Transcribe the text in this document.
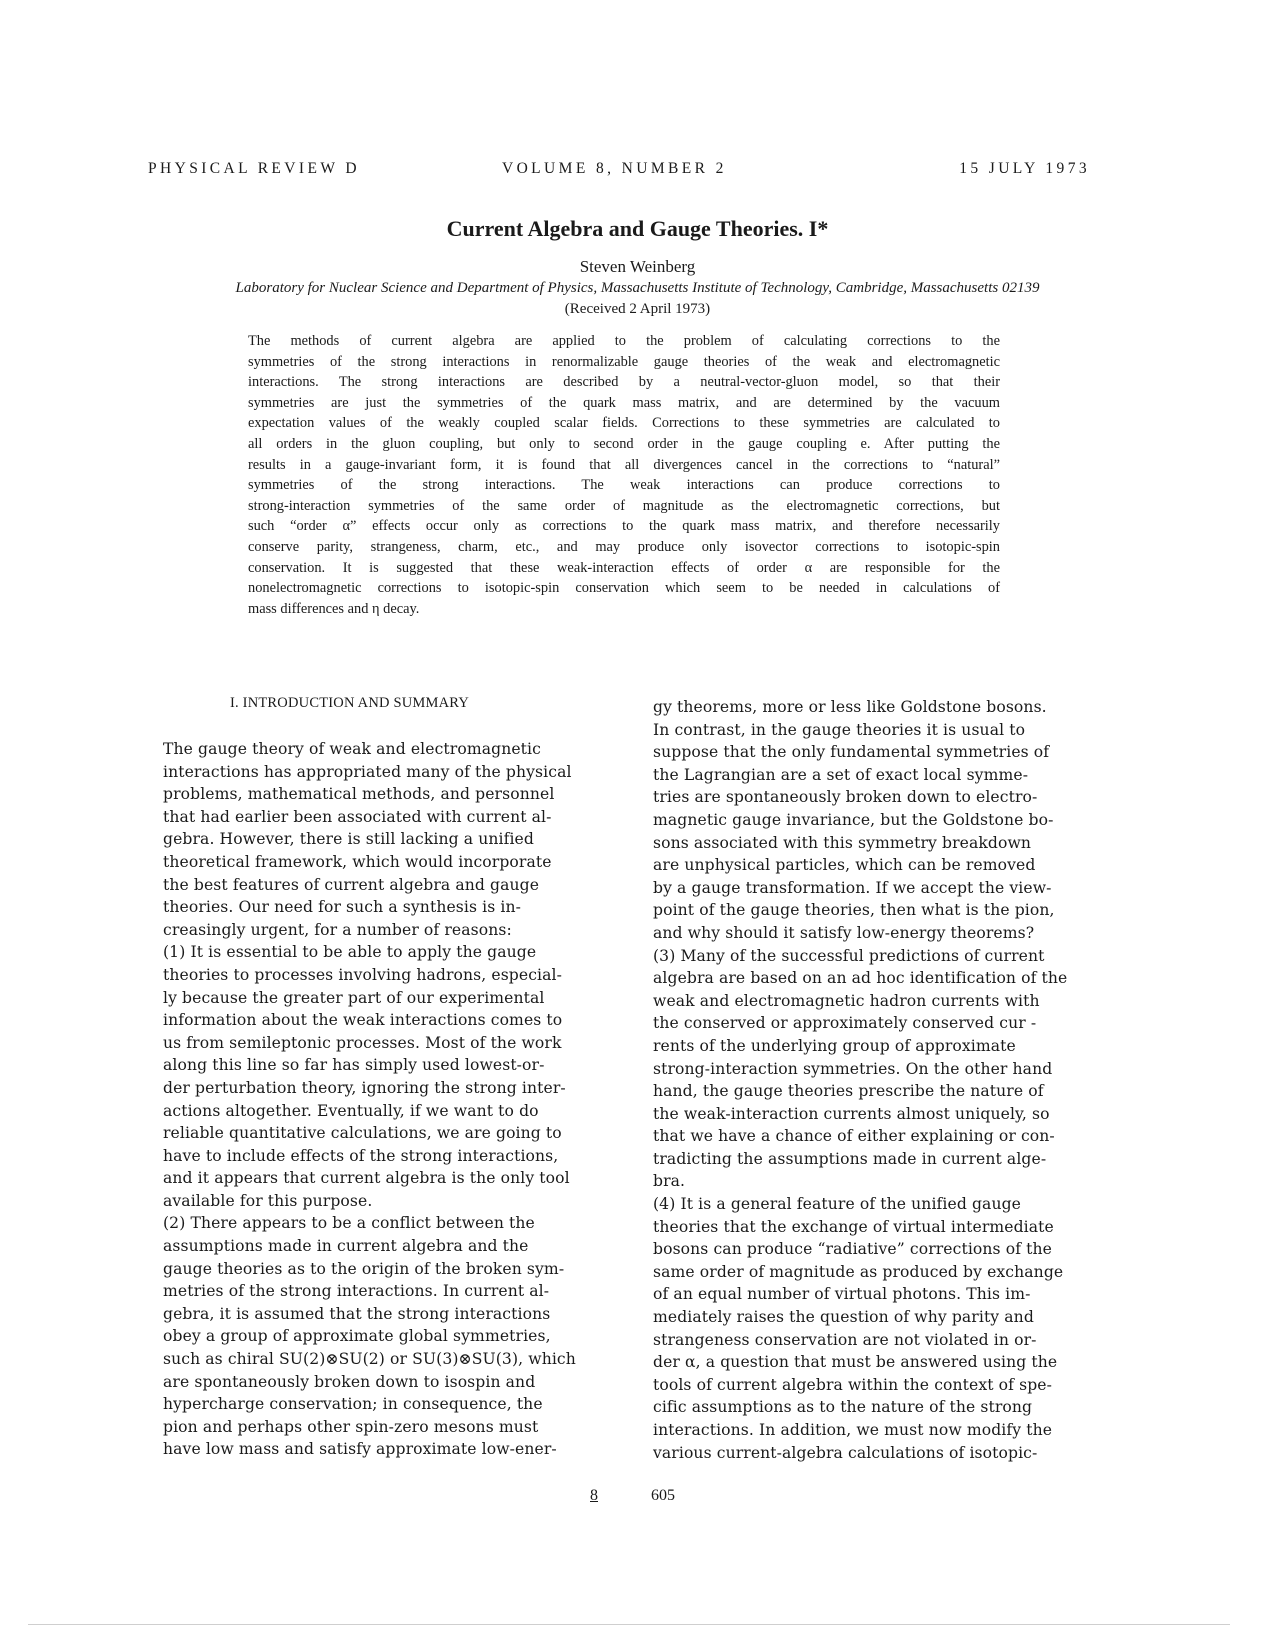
PHYSICAL REVIEW D	VOLUME 8, NUMBER 2	15 JULY 1973
Current Algebra and Gauge Theories. I*
Steven Weinberg
Laboratory for Nuclear Science and Department of Physics, Massachusetts Institute of Technology, Cambridge, Massachusetts 02139
(Received 2 April 1973)
The methods of current algebra are applied to the problem of calculating corrections to the
symmetries of the strong interactions in renormalizable gauge theories of the weak and electromagnetic
interactions. The strong interactions are described by a neutral-vector-gluon model, so that their
symmetries are just the symmetries of the quark mass matrix, and are determined by the vacuum
expectation values of the weakly coupled scalar fields. Corrections to these symmetries are calculated to
all orders in the gluon coupling, but only to second order in the gauge coupling e. After putting the
results in a gauge-invariant form, it is found that all divergences cancel in the corrections to “natural”
symmetries of the strong interactions. The weak interactions can produce corrections to
strong-interaction symmetries of the same order of magnitude as the electromagnetic corrections, but
such “order α” effects occur only as corrections to the quark mass matrix, and therefore necessarily
conserve parity, strangeness, charm, etc., and may produce only isovector corrections to isotopic-spin
conservation. It is suggested that these weak-interaction effects of order α are responsible for the
nonelectromagnetic corrections to isotopic-spin conservation which seem to be needed in calculations of
mass differences and η decay.
I. INTRODUCTION AND SUMMARY
The gauge theory of weak and electromagnetic
interactions has appropriated many of the physical
problems, mathematical methods, and personnel
that had earlier been associated with current al-
gebra. However, there is still lacking a unified
theoretical framework, which would incorporate
the best features of current algebra and gauge
theories. Our need for such a synthesis is in-
creasingly urgent, for a number of reasons:
(1) It is essential to be able to apply the gauge
theories to processes involving hadrons, especial-
ly because the greater part of our experimental
information about the weak interactions comes to
us from semileptonic processes. Most of the work
along this line so far has simply used lowest-or-
der perturbation theory, ignoring the strong inter-
actions altogether. Eventually, if we want to do
reliable quantitative calculations, we are going to
have to include effects of the strong interactions,
and it appears that current algebra is the only tool
available for this purpose.
(2) There appears to be a conflict between the
assumptions made in current algebra and the
gauge theories as to the origin of the broken sym-
metries of the strong interactions. In current al-
gebra, it is assumed that the strong interactions
obey a group of approximate global symmetries,
such as chiral SU(2)⊗SU(2) or SU(3)⊗SU(3), which
are spontaneously broken down to isospin and
hypercharge conservation; in consequence, the
pion and perhaps other spin-zero mesons must
have low mass and satisfy approximate low-ener-
gy theorems, more or less like Goldstone bosons.
In contrast, in the gauge theories it is usual to
suppose that the only fundamental symmetries of
the Lagrangian are a set of exact local symme-
tries are spontaneously broken down to electro-
magnetic gauge invariance, but the Goldstone bo-
sons associated with this symmetry breakdown
are unphysical particles, which can be removed
by a gauge transformation. If we accept the view-
point of the gauge theories, then what is the pion,
and why should it satisfy low-energy theorems?
(3) Many of the successful predictions of current
algebra are based on an ad hoc identification of the
weak and electromagnetic hadron currents with
the conserved or approximately conserved cur -
rents of the underlying group of approximate
strong-interaction symmetries. On the other hand
hand, the gauge theories prescribe the nature of
the weak-interaction currents almost uniquely, so
that we have a chance of either explaining or con-
tradicting the assumptions made in current alge-
bra.
(4) It is a general feature of the unified gauge
theories that the exchange of virtual intermediate
bosons can produce “radiative” corrections of the
same order of magnitude as produced by exchange
of an equal number of virtual photons. This im-
mediately raises the question of why parity and
strangeness conservation are not violated in or-
der α, a question that must be answered using the
tools of current algebra within the context of spe-
cific assumptions as to the nature of the strong
interactions. In addition, we must now modify the
various current-algebra calculations of isotopic-
8	605
